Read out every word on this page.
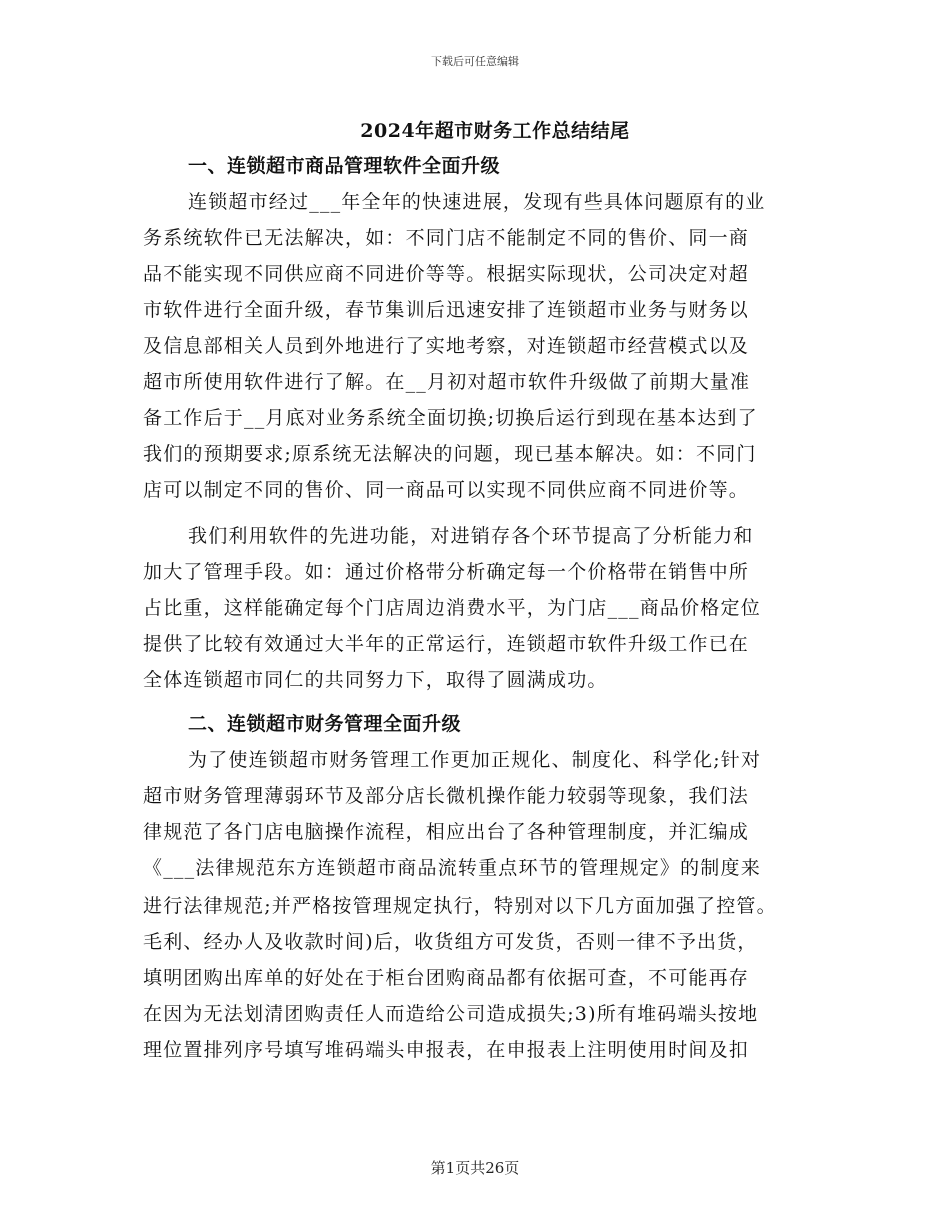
下载后可任意编辑
2024年超市财务工作总结结尾
一、连锁超市商品管理软件全面升级
连锁超市经过___年全年的快速进展，发现有些具体问题原有的业
务系统软件已无法解决，如：不同门店不能制定不同的售价、同一商
品不能实现不同供应商不同进价等等。根据实际现状，公司决定对超
市软件进行全面升级，春节集训后迅速安排了连锁超市业务与财务以
及信息部相关人员到外地进行了实地考察，对连锁超市经营模式以及
超市所使用软件进行了解。在__月初对超市软件升级做了前期大量准
备工作后于__月底对业务系统全面切换;切换后运行到现在基本达到了
我们的预期要求;原系统无法解决的问题，现已基本解决。如：不同门
店可以制定不同的售价、同一商品可以实现不同供应商不同进价等。
我们利用软件的先进功能，对进销存各个环节提高了分析能力和
加大了管理手段。如：通过价格带分析确定每一个价格带在销售中所
占比重，这样能确定每个门店周边消费水平，为门店___商品价格定位
提供了比较有效通过大半年的正常运行，连锁超市软件升级工作已在
全体连锁超市同仁的共同努力下，取得了圆满成功。
二、连锁超市财务管理全面升级
为了使连锁超市财务管理工作更加正规化、制度化、科学化;针对
超市财务管理薄弱环节及部分店长微机操作能力较弱等现象，我们法
律规范了各门店电脑操作流程，相应出台了各种管理制度，并汇编成
《___法律规范东方连锁超市商品流转重点环节的管理规定》的制度来
进行法律规范;并严格按管理规定执行，特别对以下几方面加强了控管。
毛利、经办人及收款时间)后，收货组方可发货，否则一律不予出货，
填明团购出库单的好处在于柜台团购商品都有依据可查，不可能再存
在因为无法划清团购责任人而造给公司造成损失;3)所有堆码端头按地
理位置排列序号填写堆码端头申报表，在申报表上注明使用时间及扣
第1页共26页
